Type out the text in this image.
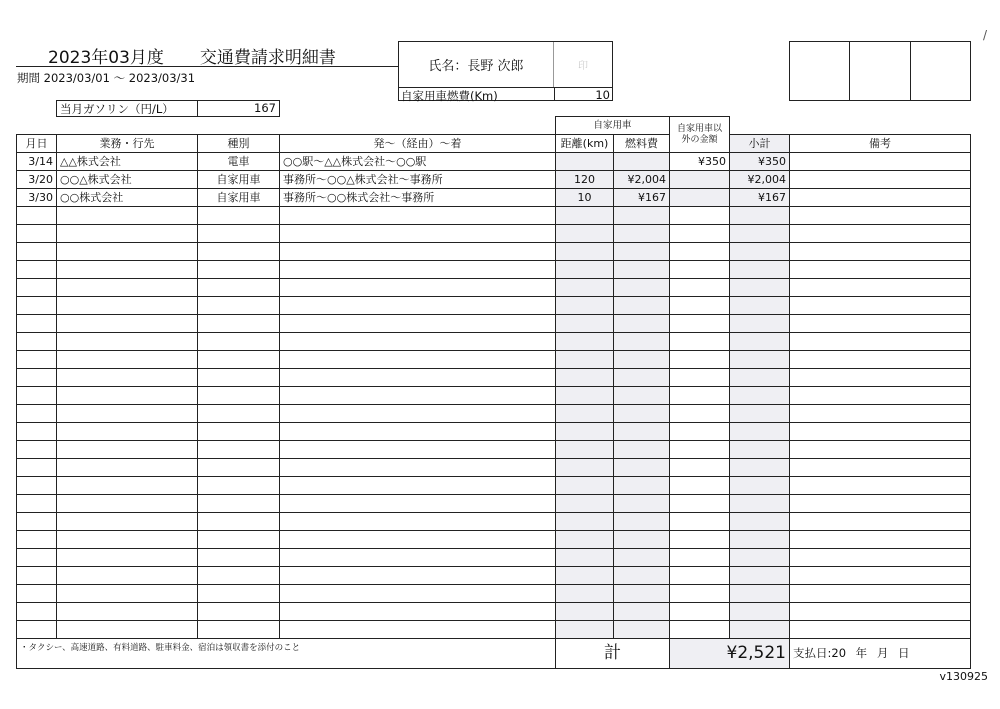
2023年03月度 交通費請求明細書
期間 2023/03/01 ～ 2023/03/31
/
氏名：長野 次郎	印
自家用車燃費(Km)	10
当月ガソリン（円/L）	167
				自家用車		自家用車以外の金額		
月日	業務・行先	種別	発～（経由）～着	距離(km)	燃料費		小計	備考
3/14	△△株式会社	電車	○○駅～△△株式会社～○○駅			¥350	¥350	
3/20	○○△株式会社	自家用車	事務所～○○△株式会社～事務所	120	¥2,004		¥2,004	
3/30	○○株式会社	自家用車	事務所～○○株式会社～事務所	10	¥167		¥167	

・タクシー、高速道路、有料道路、駐車料金、宿泊は領収書を添付のこと				計		¥2,521		支払日:20 年 月 日
v130925
